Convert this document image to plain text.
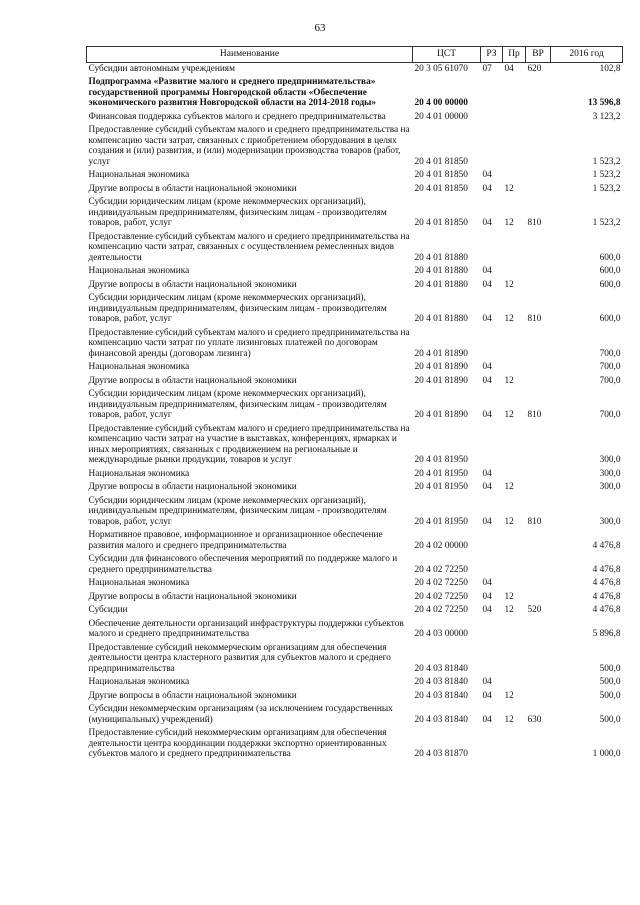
63
Наименование	ЦСТ	РЗ	Пр	ВР	2016 год
Субсидии автономным учреждениям	20 3 05 61070	07	04	620	102,8
Подпрограмма «Развитие малого и среднего предпринимательства» государственной программы Новгородской области «Обеспечение экономического развития Новгородской области на 2014-2018 годы»	20 4 00 00000				13 596,8
Финансовая поддержка субъектов малого и среднего предпринимательства	20 4 01 00000				3 123,2
Предоставление субсидий субъектам малого и среднего предпринимательства на компенсацию части затрат, связанных с приобретением оборудования в целях создания и (или) развития, и (или) модернизации производства товаров (работ, услуг	20 4 01 81850				1 523,2
Национальная экономика	20 4 01 81850	04			1 523,2
Другие вопросы в области национальной экономики	20 4 01 81850	04	12		1 523,2
Субсидии юридическим лицам (кроме некоммерческих организаций), индивидуальным предпринимателям, физическим лицам - производителям товаров, работ, услуг	20 4 01 81850	04	12	810	1 523,2
Предоставление субсидий субъектам малого и среднего предпринимательства на компенсацию части затрат, связанных с осуществлением ремесленных видов деятельности	20 4 01 81880				600,0
Национальная экономика	20 4 01 81880	04			600,0
Другие вопросы в области национальной экономики	20 4 01 81880	04	12		600,0
Субсидии юридическим лицам (кроме некоммерческих организаций), индивидуальным предпринимателям, физическим лицам - производителям товаров, работ, услуг	20 4 01 81880	04	12	810	600,0
Предоставление субсидий субъектам малого и среднего предпринимательства на компенсацию части затрат по уплате лизинговых платежей по договорам финансовой аренды (договорам лизинга)	20 4 01 81890				700,0
Национальная экономика	20 4 01 81890	04			700,0
Другие вопросы в области национальной экономики	20 4 01 81890	04	12		700,0
Субсидии юридическим лицам (кроме некоммерческих организаций), индивидуальным предпринимателям, физическим лицам - производителям товаров, работ, услуг	20 4 01 81890	04	12	810	700,0
Предоставление субсидий субъектам малого и среднего предпринимательства на компенсацию части затрат на участие в выставках, конференциях, ярмарках и иных мероприятиях, связанных с продвижением на региональные и международные рынки продукции, товаров и услуг	20 4 01 81950				300,0
Национальная экономика	20 4 01 81950	04			300,0
Другие вопросы в области национальной экономики	20 4 01 81950	04	12		300,0
Субсидии юридическим лицам (кроме некоммерческих организаций), индивидуальным предпринимателям, физическим лицам - производителям товаров, работ, услуг	20 4 01 81950	04	12	810	300,0
Нормативное правовое, информационное и организационное обеспечение развития малого и среднего предпринимательства	20 4 02 00000				4 476,8
Субсидии для финансового обеспечения мероприятий по поддержке малого и среднего предпринимательства	20 4 02 72250				4 476,8
Национальная экономика	20 4 02 72250	04			4 476,8
Другие вопросы в области национальной экономики	20 4 02 72250	04	12		4 476,8
Субсидии	20 4 02 72250	04	12	520	4 476,8
Обеспечение деятельности организаций инфраструктуры поддержки субъектов малого и среднего предпринимательства	20 4 03 00000				5 896,8
Предоставление субсидий некоммерческим организациям для обеспечения деятельности центра кластерного развития для субъектов малого и среднего предпринимательства	20 4 03 81840				500,0
Национальная экономика	20 4 03 81840	04			500,0
Другие вопросы в области национальной экономики	20 4 03 81840	04	12		500,0
Субсидии некоммерческим организациям (за исключением государственных (муниципальных) учреждений)	20 4 03 81840	04	12	630	500,0
Предоставление субсидий некоммерческим организациям для обеспечения деятельности центра координации поддержки экспортно ориентированных субъектов малого и среднего предпринимательства	20 4 03 81870				1 000,0
